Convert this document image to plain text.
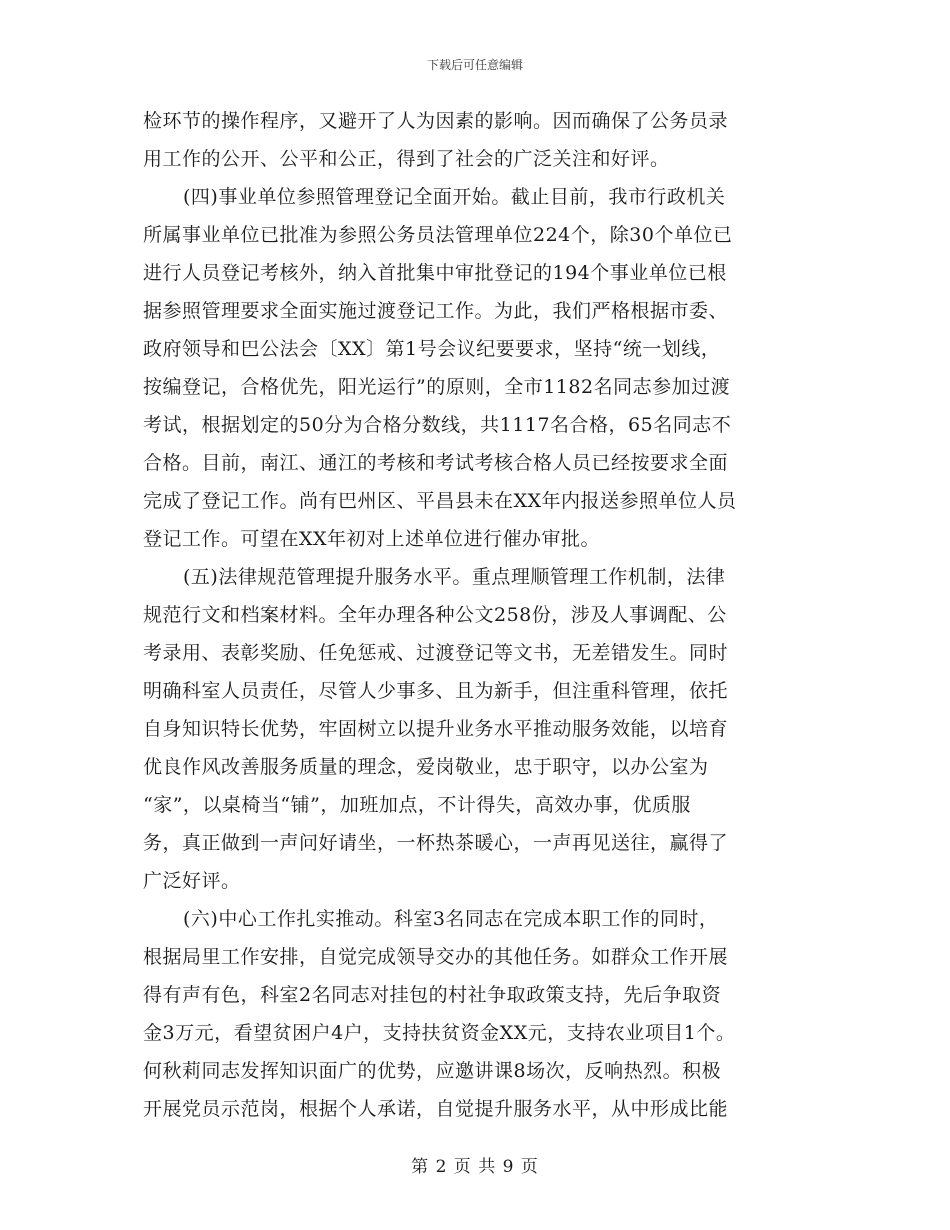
下载后可任意编辑
检环节的操作程序，又避开了人为因素的影响。因而确保了公务员录
用工作的公开、公平和公正，得到了社会的广泛关注和好评。
(四)事业单位参照管理登记全面开始。截止目前，我市行政机关
所属事业单位已批准为参照公务员法管理单位224个，除30个单位已
进行人员登记考核外，纳入首批集中审批登记的194个事业单位已根
据参照管理要求全面实施过渡登记工作。为此，我们严格根据市委、
政府领导和巴公法会〔XX〕第1号会议纪要要求，坚持“统一划线，
按编登记，合格优先，阳光运行”的原则，全市1182名同志参加过渡
考试，根据划定的50分为合格分数线，共1117名合格，65名同志不
合格。目前，南江、通江的考核和考试考核合格人员已经按要求全面
完成了登记工作。尚有巴州区、平昌县未在XX年内报送参照单位人员
登记工作。可望在XX年初对上述单位进行催办审批。
(五)法律规范管理提升服务水平。重点理顺管理工作机制，法律
规范行文和档案材料。全年办理各种公文258份，涉及人事调配、公
考录用、表彰奖励、任免惩戒、过渡登记等文书，无差错发生。同时
明确科室人员责任，尽管人少事多、且为新手，但注重科管理，依托
自身知识特长优势，牢固树立以提升业务水平推动服务效能，以培育
优良作风改善服务质量的理念，爱岗敬业，忠于职守，以办公室为
“家”，以桌椅当“铺”，加班加点，不计得失，高效办事，优质服
务，真正做到一声问好请坐，一杯热茶暖心，一声再见送往，赢得了
广泛好评。
(六)中心工作扎实推动。科室3名同志在完成本职工作的同时，
根据局里工作安排，自觉完成领导交办的其他任务。如群众工作开展
得有声有色，科室2名同志对挂包的村社争取政策支持，先后争取资
金3万元，看望贫困户4户，支持扶贫资金XX元，支持农业项目1个。
何秋莉同志发挥知识面广的优势，应邀讲课8场次，反响热烈。积极
开展党员示范岗，根据个人承诺，自觉提升服务水平，从中形成比能
第 2 页 共 9 页
